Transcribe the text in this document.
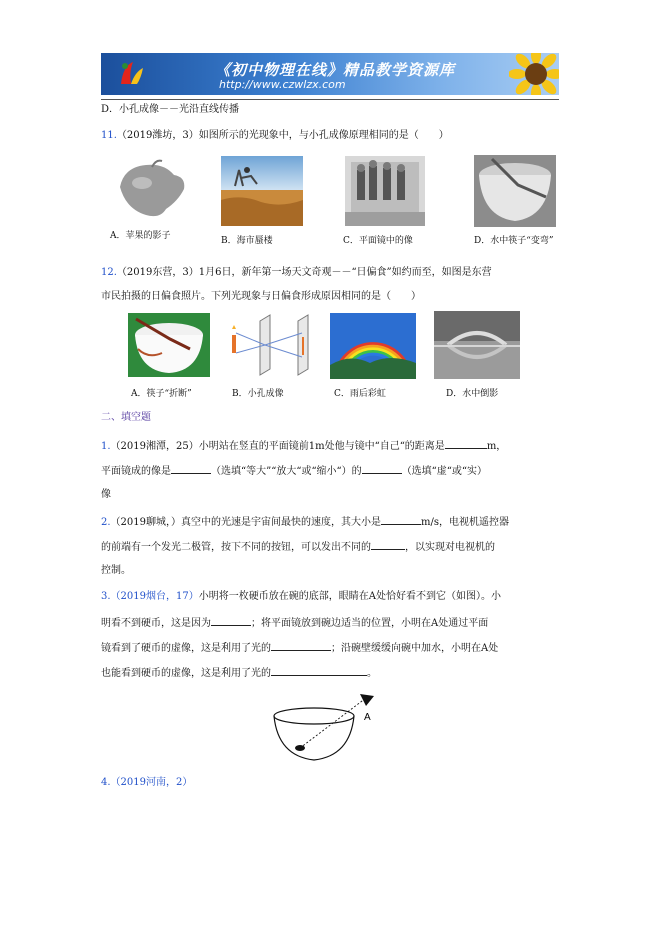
《初中物理在线》精品教学资源库
http://www.czwlzx.com
D．小孔成像－－光沿直线传播
11.（2019潍坊，3）如图所示的光现象中，与小孔成像原理相同的是（　　）
A．苹果的影子	B．海市蜃楼	C．平面镜中的像	D．水中筷子“变弯”
12.（2019东营，3）1月6日，新年第一场天文奇观－－“日偏食”如约而至，如图是东营
市民拍摄的日偏食照片。下列光现象与日偏食形成原因相同的是（　　）
A．筷子“折断”	B．小孔成像	C．雨后彩虹	D．水中倒影
二、填空题
1.（2019湘潭，25）小明站在竖直的平面镜前1m处他与镜中“自己“的距离是	m，
平面镜成的像是	（选填“等大”“放大“或“缩小“）的	（选填“虚“或“实）
像
2.（2019聊城，）真空中的光速是宇宙间最快的速度，其大小是	m/s，电视机遥控器
的前端有一个发光二极管，按下不同的按钮，可以发出不同的	，以实现对电视机的
控制。
3.（2019烟台，17）小明将一枚硬币放在碗的底部，眼睛在A处恰好看不到它（如图）。小
明看不到硬币，这是因为	；将平面镜放到碗边适当的位置，小明在A处通过平面
镜看到了硬币的虚像，这是利用了光的	；沿碗壁缓缓向碗中加水，小明在A处
也能看到硬币的虚像，这是利用了光的	。
A
4.（2019河南，2）
